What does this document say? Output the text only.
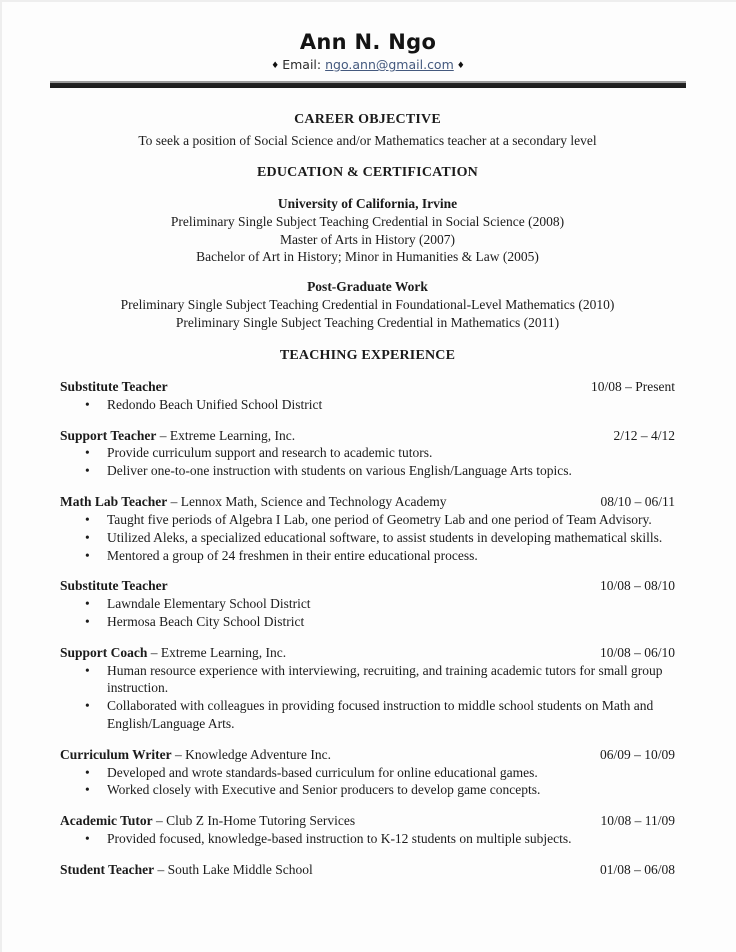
Ann N. Ngo
♦ Email: ngo.ann@gmail.com ♦
CAREER OBJECTIVE
To seek a position of Social Science and/or Mathematics teacher at a secondary level
EDUCATION & CERTIFICATION
University of California, Irvine
Preliminary Single Subject Teaching Credential in Social Science (2008)
Master of Arts in History (2007)
Bachelor of Art in History; Minor in Humanities & Law (2005)
Post-Graduate Work
Preliminary Single Subject Teaching Credential in Foundational-Level Mathematics (2010)
Preliminary Single Subject Teaching Credential in Mathematics (2011)
TEACHING EXPERIENCE
Substitute Teacher	10/08 – Present
• Redondo Beach Unified School District
Support Teacher – Extreme Learning, Inc.	2/12 – 4/12
• Provide curriculum support and research to academic tutors.
• Deliver one-to-one instruction with students on various English/Language Arts topics.
Math Lab Teacher – Lennox Math, Science and Technology Academy	08/10 – 06/11
• Taught five periods of Algebra I Lab, one period of Geometry Lab and one period of Team Advisory.
• Utilized Aleks, a specialized educational software, to assist students in developing mathematical skills.
• Mentored a group of 24 freshmen in their entire educational process.
Substitute Teacher	10/08 – 08/10
• Lawndale Elementary School District
• Hermosa Beach City School District
Support Coach – Extreme Learning, Inc.	10/08 – 06/10
• Human resource experience with interviewing, recruiting, and training academic tutors for small group instruction.
• Collaborated with colleagues in providing focused instruction to middle school students on Math and English/Language Arts.
Curriculum Writer – Knowledge Adventure Inc.	06/09 – 10/09
• Developed and wrote standards-based curriculum for online educational games.
• Worked closely with Executive and Senior producers to develop game concepts.
Academic Tutor – Club Z In-Home Tutoring Services	10/08 – 11/09
• Provided focused, knowledge-based instruction to K-12 students on multiple subjects.
Student Teacher – South Lake Middle School	01/08 – 06/08
